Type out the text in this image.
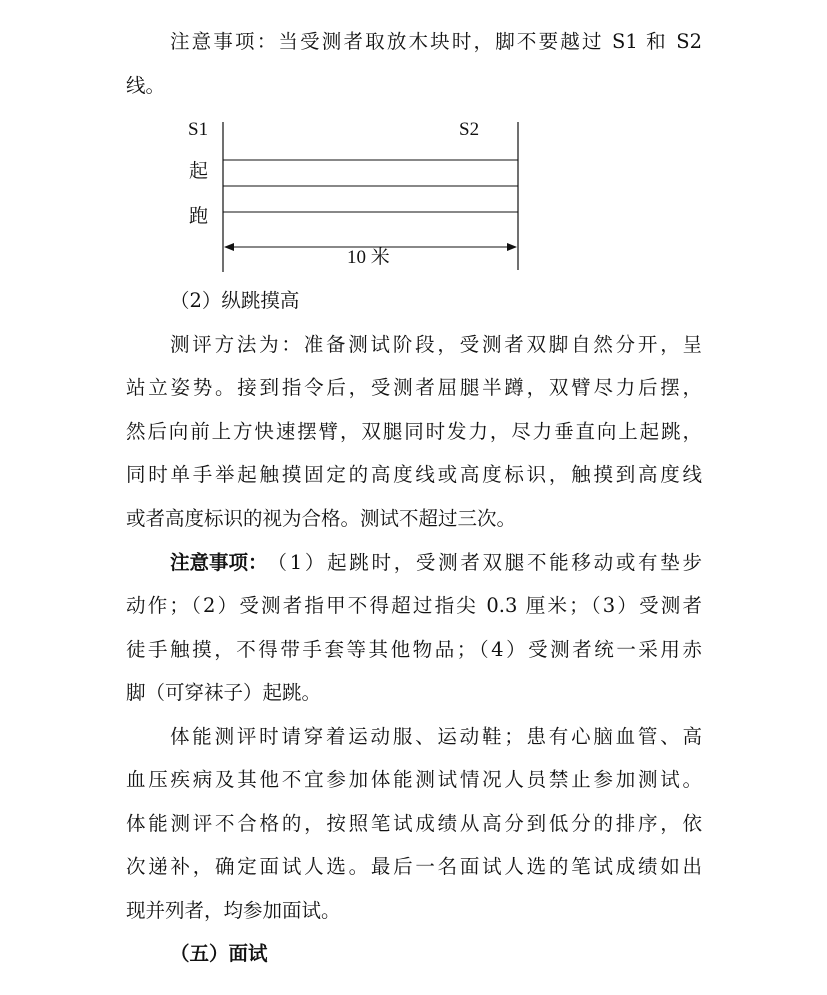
注意事项：当受测者取放木块时，脚不要越过 S1 和 S2
线。
S1	S2
起
跑
10 米
（2）纵跳摸高
测评方法为：准备测试阶段，受测者双脚自然分开，呈
站立姿势。接到指令后，受测者屈腿半蹲，双臂尽力后摆，
然后向前上方快速摆臂，双腿同时发力，尽力垂直向上起跳，
同时单手举起触摸固定的高度线或高度标识，触摸到高度线
或者高度标识的视为合格。测试不超过三次。
注意事项： （1）起跳时，受测者双腿不能移动或有垫步
动作；（2）受测者指甲不得超过指尖 0.3 厘米；（3）受测者
徒手触摸，不得带手套等其他物品；（4）受测者统一采用赤
脚（可穿袜子）起跳。
体能测评时请穿着运动服、运动鞋；患有心脑血管、高
血压疾病及其他不宜参加体能测试情况人员禁止参加测试。
体能测评不合格的，按照笔试成绩从高分到低分的排序，依
次递补，确定面试人选。最后一名面试人选的笔试成绩如出
现并列者，均参加面试。
（五）面试
